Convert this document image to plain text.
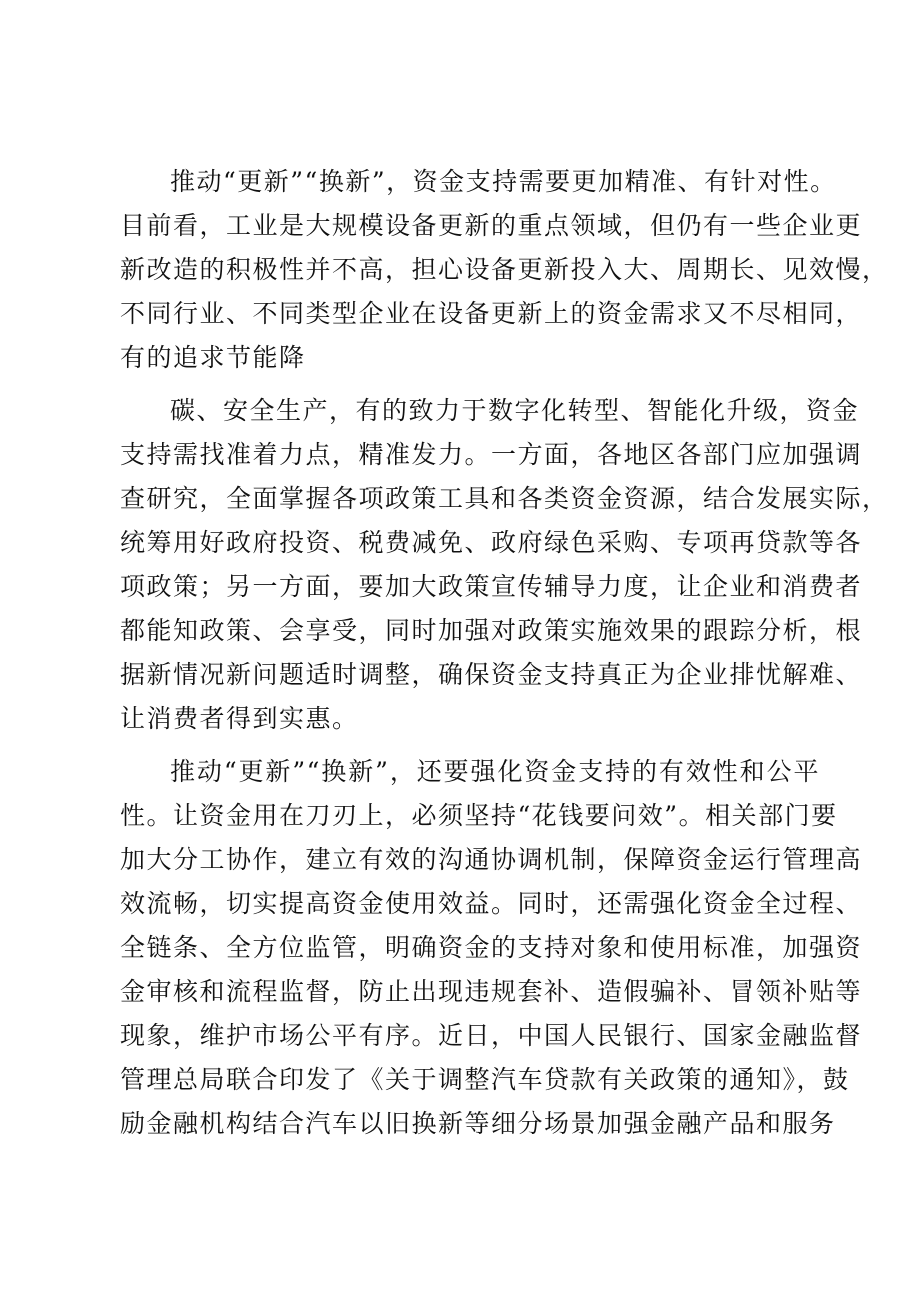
推动“更新”“换新”，资金支持需要更加精准、有针对性。
目前看，工业是大规模设备更新的重点领域，但仍有一些企业更
新改造的积极性并不高，担心设备更新投入大、周期长、见效慢，
不同行业、不同类型企业在设备更新上的资金需求又不尽相同，
有的追求节能降
碳、安全生产，有的致力于数字化转型、智能化升级，资金
支持需找准着力点，精准发力。一方面，各地区各部门应加强调
查研究，全面掌握各项政策工具和各类资金资源，结合发展实际，
统筹用好政府投资、税费减免、政府绿色采购、专项再贷款等各
项政策；另一方面，要加大政策宣传辅导力度，让企业和消费者
都能知政策、会享受，同时加强对政策实施效果的跟踪分析，根
据新情况新问题适时调整，确保资金支持真正为企业排忧解难、
让消费者得到实惠。
推动“更新”“换新”，还要强化资金支持的有效性和公平
性。让资金用在刀刃上，必须坚持“花钱要问效”。相关部门要
加大分工协作，建立有效的沟通协调机制，保障资金运行管理高
效流畅，切实提高资金使用效益。同时，还需强化资金全过程、
全链条、全方位监管，明确资金的支持对象和使用标准，加强资
金审核和流程监督，防止出现违规套补、造假骗补、冒领补贴等
现象，维护市场公平有序。近日，中国人民银行、国家金融监督
管理总局联合印发了《关于调整汽车贷款有关政策的通知》，鼓
励金融机构结合汽车以旧换新等细分场景加强金融产品和服务
